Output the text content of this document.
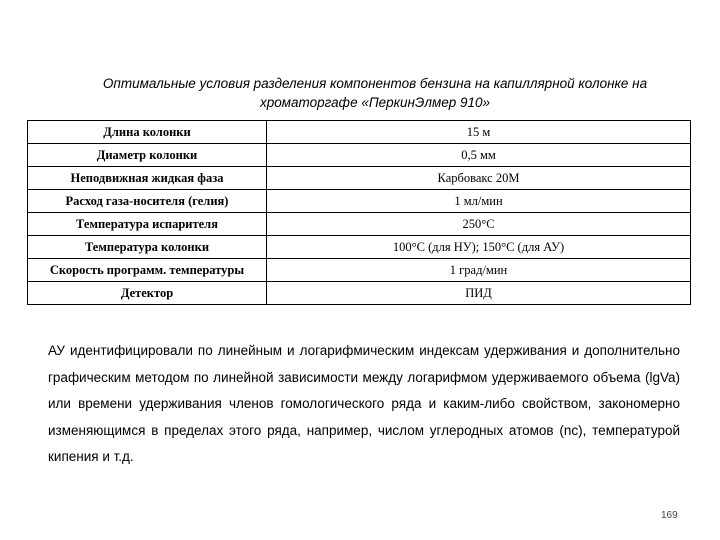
Оптимальные условия разделения компонентов бензина на капиллярной колонке на
хроматоргафе «ПеркинЭлмер 910»
Длина колонки	15 м
Диаметр колонки	0,5 мм
Неподвижная жидкая фаза	Карбовакс 20М
Расход газа-носителя (гелия)	1 мл/мин
Температура испарителя	250°С
Температура колонки	100°С (для НУ); 150°С (для АУ)
Скорость программ. температуры	1 град/мин
Детектор	ПИД
АУ идентифицировали по линейным и логарифмическим индексам удерживания и дополнительно графическим методом по линейной зависимости между логарифмом удерживаемого объема (lgVa) или времени удерживания членов гомологического ряда и каким-либо свойством, закономерно изменяющимся в пределах этого ряда, например, числом углеродных атомов (nc), температурой кипения и т.д.
169
